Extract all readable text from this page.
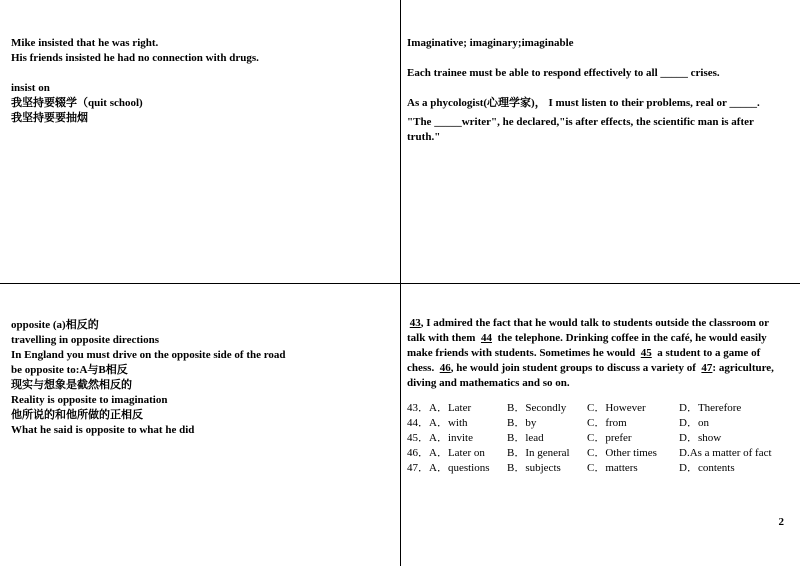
Mike insisted that he was right.
His friends insisted he had no connection with drugs.
insist on
我坚持要辍学（quit school)
我坚持要要抽烟
Imaginative; imaginary;imaginable
Each trainee must be able to respond effectively to all _____ crises.
As a phycologist(心理学家)， I must listen to their problems, real or _____.
"The _____writer", he declared,"is after effects, the scientific man is after truth."
opposite (a)相反的
travelling in opposite directions
In England you must drive on the opposite side of the road
be opposite to:A与B相反
现实与想象是截然相反的
Reality is opposite to imagination
他所说的和他所做的正相反
What he said is opposite to what he did
43, I admired the fact that he would talk to students outside the classroom or talk with them 44 the telephone. Drinking coffee in the café, he would easily make friends with students. Sometimes he would 45 a student to a game of chess. 46, he would join student groups to discuss a variety of 47: agriculture, diving and mathematics and so on.
43．A．Later	B．Secondly	C．However	D．Therefore
44．A．with	B．by	C．from	D．on
45．A．invite	B．lead	C．prefer	D．show
46．A．Later on	B．In general	C．Other times	D.As a matter of fact
47．A．questions	B．subjects	C．matters	D．contents
2
